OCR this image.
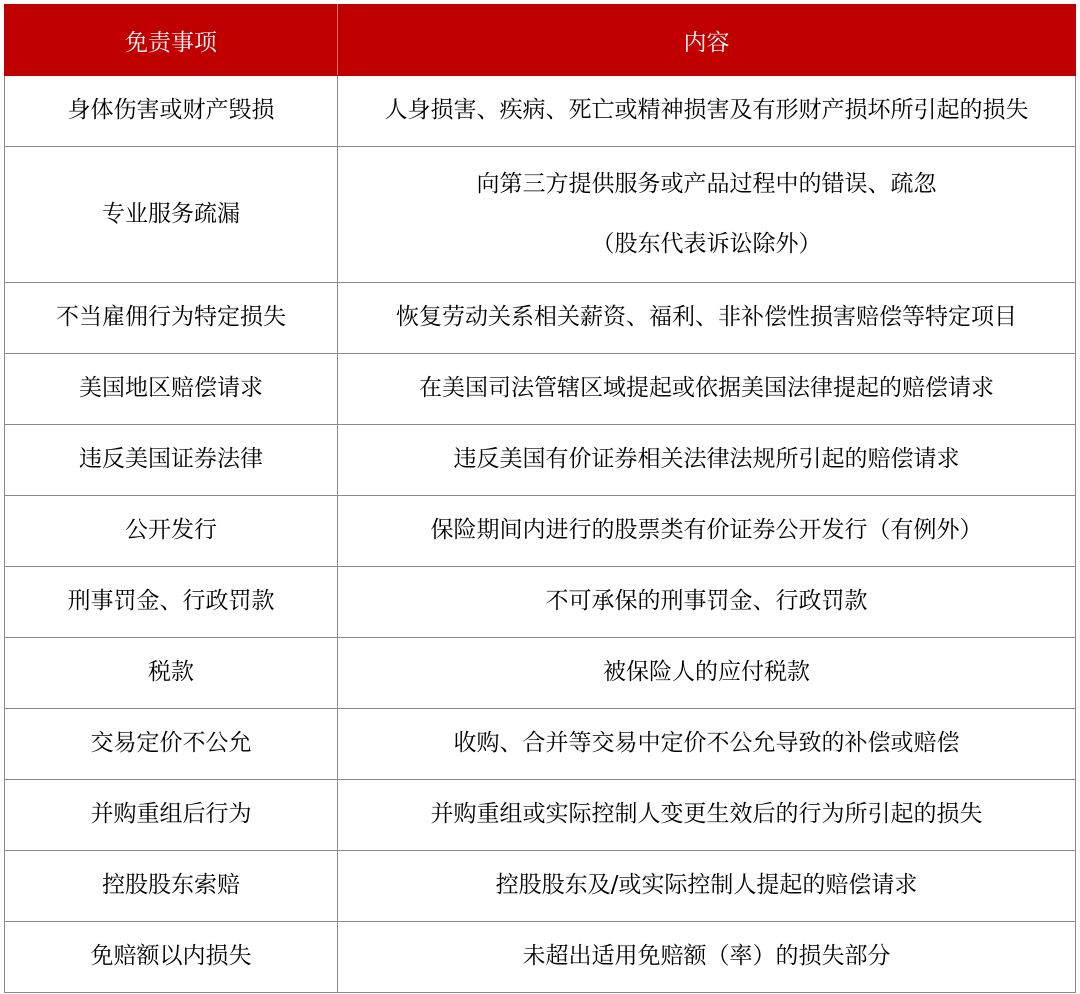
免责事项	内容
身体伤害或财产毁损	人身损害、疾病、死亡或精神损害及有形财产损坏所引起的损失
专业服务疏漏	向第三方提供服务或产品过程中的错误、疏忽
（股东代表诉讼除外）

不当雇佣行为特定损失	恢复劳动关系相关薪资、福利、非补偿性损害赔偿等特定项目
美国地区赔偿请求	在美国司法管辖区域提起或依据美国法律提起的赔偿请求
违反美国证券法律	违反美国有价证券相关法律法规所引起的赔偿请求
公开发行	保险期间内进行的股票类有价证券公开发行（有例外）
刑事罚金、行政罚款	不可承保的刑事罚金、行政罚款
税款	被保险人的应付税款
交易定价不公允	收购、合并等交易中定价不公允导致的补偿或赔偿
并购重组后行为	并购重组或实际控制人变更生效后的行为所引起的损失
控股股东索赔	控股股东及/或实际控制人提起的赔偿请求
免赔额以内损失	未超出适用免赔额（率）的损失部分
